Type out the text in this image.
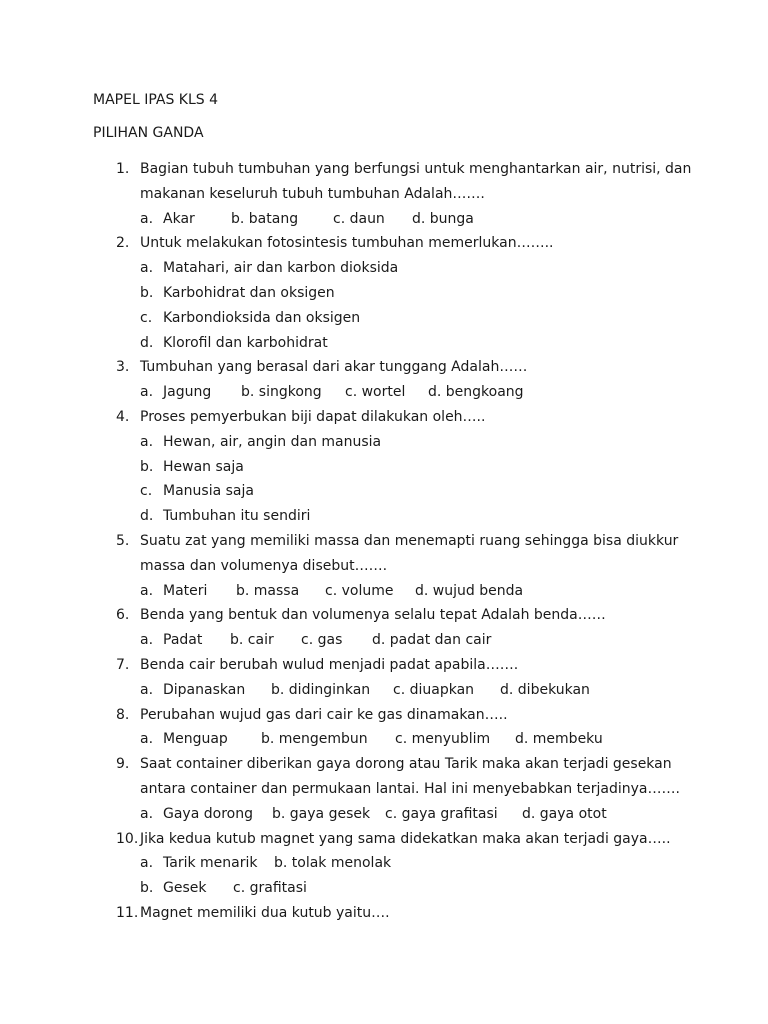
MAPEL IPAS KLS 4
PILIHAN GANDA
1. Bagian tubuh tumbuhan yang berfungsi untuk menghantarkan air, nutrisi, dan
makanan keseluruh tubuh tumbuhan Adalah…….
a. Akar	b. batang c. daun d. bunga
2. Untuk melakukan fotosintesis tumbuhan memerlukan……..
a. Matahari, air dan karbon dioksida
b. Karbohidrat dan oksigen
c. Karbondioksida dan oksigen
d. Klorofil dan karbohidrat
3. Tumbuhan yang berasal dari akar tunggang Adalah……
a. Jagung b. singkong c. wortel d. bengkoang
4. Proses pemyerbukan biji dapat dilakukan oleh…..
a. Hewan, air, angin dan manusia
b. Hewan saja
c. Manusia saja
d. Tumbuhan itu sendiri
5. Suatu zat yang memiliki massa dan menemapti ruang sehingga bisa diukkur
massa dan volumenya disebut…….
a. Materi b. massa c. volume d. wujud benda
6. Benda yang bentuk dan volumenya selalu tepat Adalah benda……
a. Padat b. cair c. gas d. padat dan cair
7. Benda cair berubah wulud menjadi padat apabila…….
a. Dipanaskan b. didinginkan c. diuapkan d. dibekukan
8. Perubahan wujud gas dari cair ke gas dinamakan…..
a. Menguap b. mengembun c. menyublim d. membeku
9. Saat container diberikan gaya dorong atau Tarik maka akan terjadi gesekan
antara container dan permukaan lantai. Hal ini menyebabkan terjadinya…….
a. Gaya dorong b. gaya gesek c. gaya grafitasi d. gaya otot
10. Jika kedua kutub magnet yang sama didekatkan maka akan terjadi gaya…..
a. Tarik menarik b. tolak menolak
b. Gesek c. grafitasi
11. Magnet memiliki dua kutub yaitu….
